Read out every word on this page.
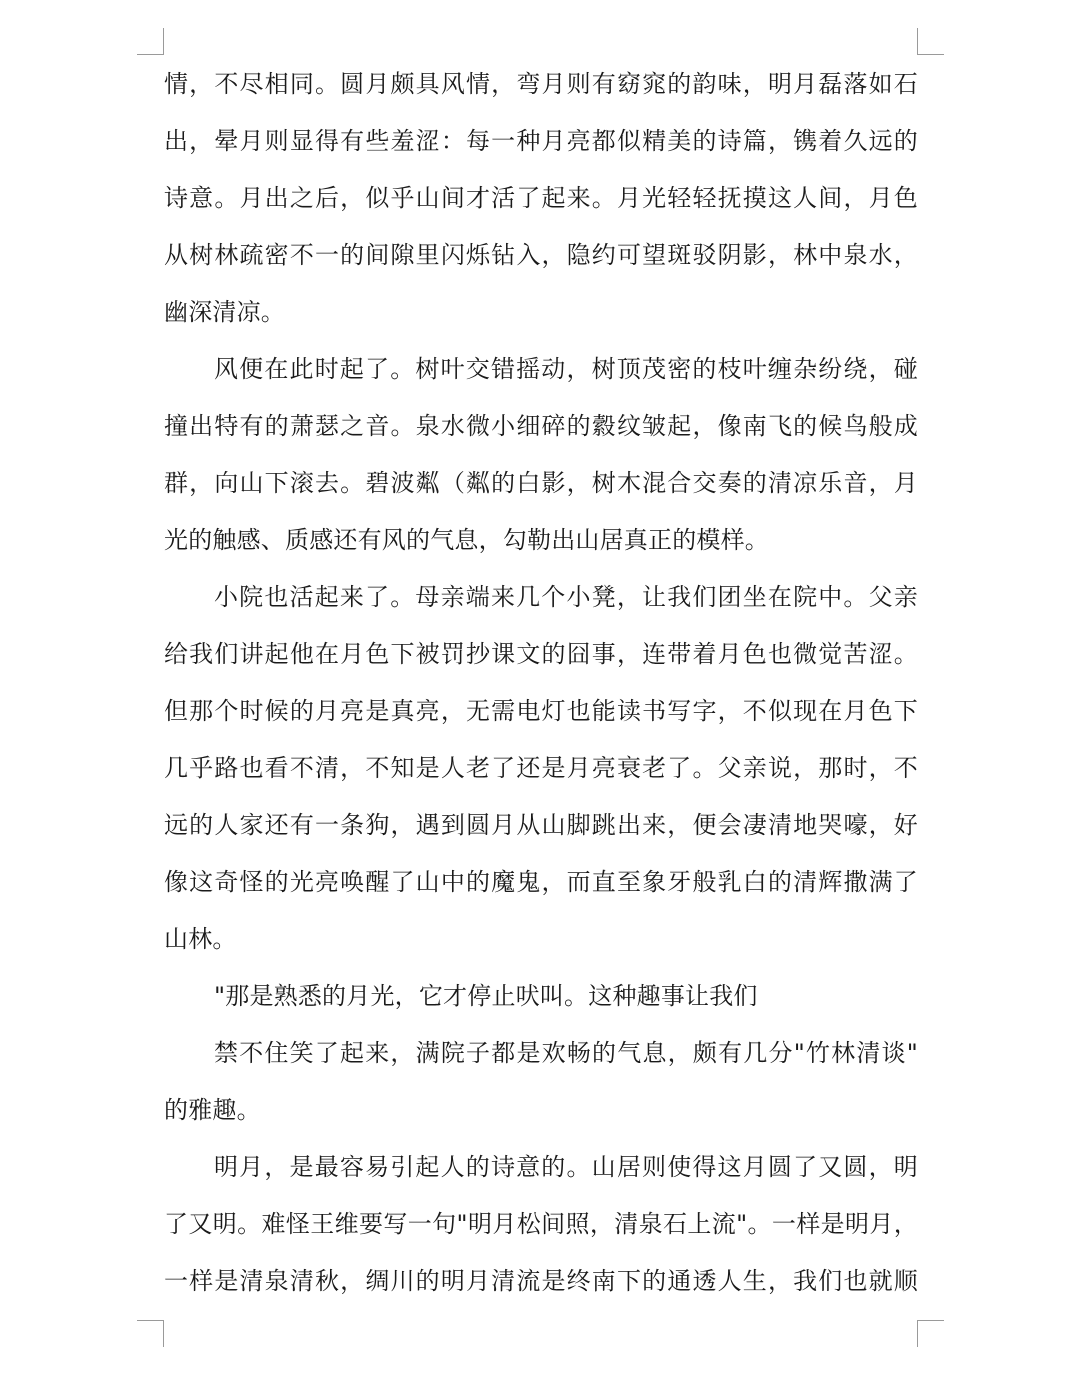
情，不尽相同。圆月颇具风情，弯月则有窈窕的韵味，明月磊落如石
出，晕月则显得有些羞涩：每一种月亮都似精美的诗篇，镌着久远的
诗意。月出之后，似乎山间才活了起来。月光轻轻抚摸这人间，月色
从树林疏密不一的间隙里闪烁钻入，隐约可望斑驳阴影，林中泉水，
幽深清凉。
风便在此时起了。树叶交错摇动，树顶茂密的枝叶缠杂纷绕，碰
撞出特有的萧瑟之音。泉水微小细碎的縠纹皱起，像南飞的候鸟般成
群，向山下滚去。碧波粼（粼的白影，树木混合交奏的清凉乐音，月
光的触感、质感还有风的气息，勾勒出山居真正的模样。
小院也活起来了。母亲端来几个小凳，让我们团坐在院中。父亲
给我们讲起他在月色下被罚抄课文的囧事，连带着月色也微觉苦涩。
但那个时候的月亮是真亮，无需电灯也能读书写字，不似现在月色下
几乎路也看不清，不知是人老了还是月亮衰老了。父亲说，那时，不
远的人家还有一条狗，遇到圆月从山脚跳出来，便会凄清地哭嚎，好
像这奇怪的光亮唤醒了山中的魔鬼，而直至象牙般乳白的清辉撒满了
山林。
"那是熟悉的月光，它才停止吠叫。这种趣事让我们
禁不住笑了起来，满院子都是欢畅的气息，颇有几分"竹林清谈"
的雅趣。
明月，是最容易引起人的诗意的。山居则使得这月圆了又圆，明
了又明。难怪王维要写一句"明月松间照，清泉石上流"。一样是明月，
一样是清泉清秋，绸川的明月清流是终南下的通透人生，我们也就顺
